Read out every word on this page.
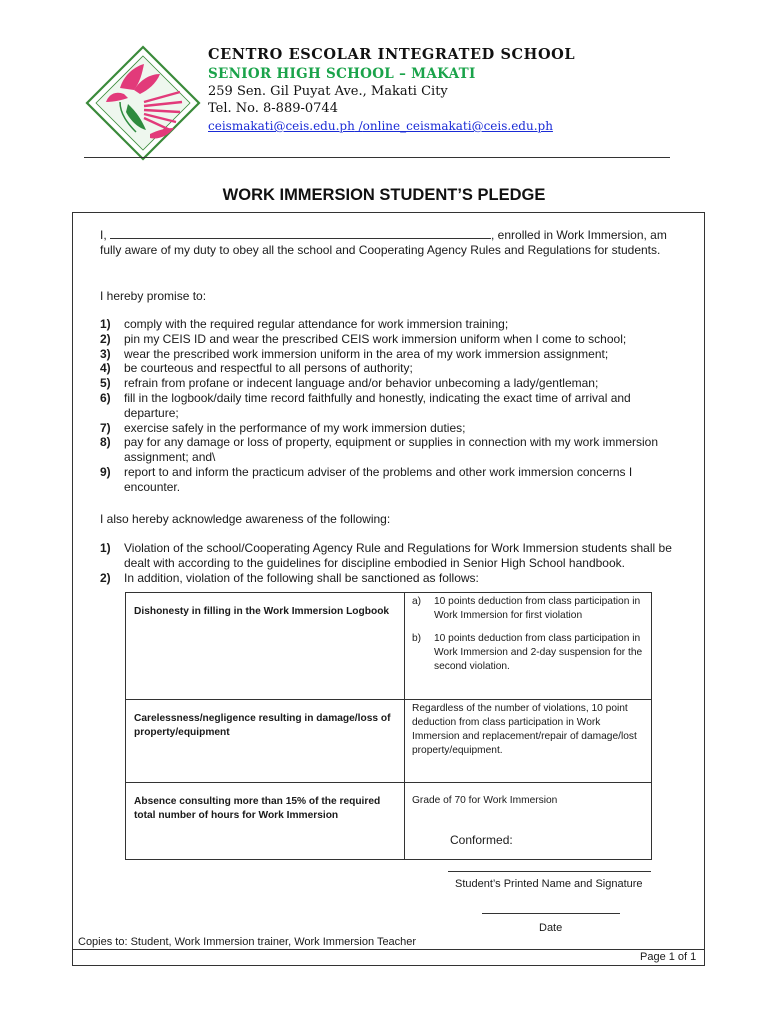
CENTRO ESCOLAR INTEGRATED SCHOOL
SENIOR HIGH SCHOOL – MAKATI
259 Sen. Gil Puyat Ave., Makati City
Tel. No. 8-889-0744
ceismakati@ceis.edu.ph /online_ceismakati@ceis.edu.ph
WORK IMMERSION STUDENT’S PLEDGE
I,	, enrolled in Work Immersion, am fully aware of my duty to obey all the school and Cooperating Agency Rules and Regulations for students.
I hereby promise to:
1) comply with the required regular attendance for work immersion training;
2) pin my CEIS ID and wear the prescribed CEIS work immersion uniform when I come to school;
3) wear the prescribed work immersion uniform in the area of my work immersion assignment;
4) be courteous and respectful to all persons of authority;
5) refrain from profane or indecent language and/or behavior unbecoming a lady/gentleman;
6) fill in the logbook/daily time record faithfully and honestly, indicating the exact time of arrival and departure;
7) exercise safely in the performance of my work immersion duties;
8) pay for any damage or loss of property, equipment or supplies in connection with my work immersion assignment; and\
9) report to and inform the practicum adviser of the problems and other work immersion concerns I encounter.
I also hereby acknowledge awareness of the following:
1) Violation of the school/Cooperating Agency Rule and Regulations for Work Immersion students shall be dealt with according to the guidelines for discipline embodied in Senior High School handbook.
2) In addition, violation of the following shall be sanctioned as follows:
Dishonesty in filling in the Work Immersion Logbook	a) 10 points deduction from class participation in Work Immersion for first violation
b) 10 points deduction from class participation in Work Immersion and 2-day suspension for the second violation.

Carelessness/negligence resulting in damage/loss of property/equipment	Regardless of the number of violations, 10 point deduction from class participation in Work Immersion and replacement/repair of damage/lost property/equipment.
Absence consulting more than 15% of the required total number of hours for Work Immersion	Grade of 70 for Work Immersion
Conformed:
Student’s Printed Name and Signature
Date
Copies to: Student, Work Immersion trainer, Work Immersion Teacher
Page 1 of 1
